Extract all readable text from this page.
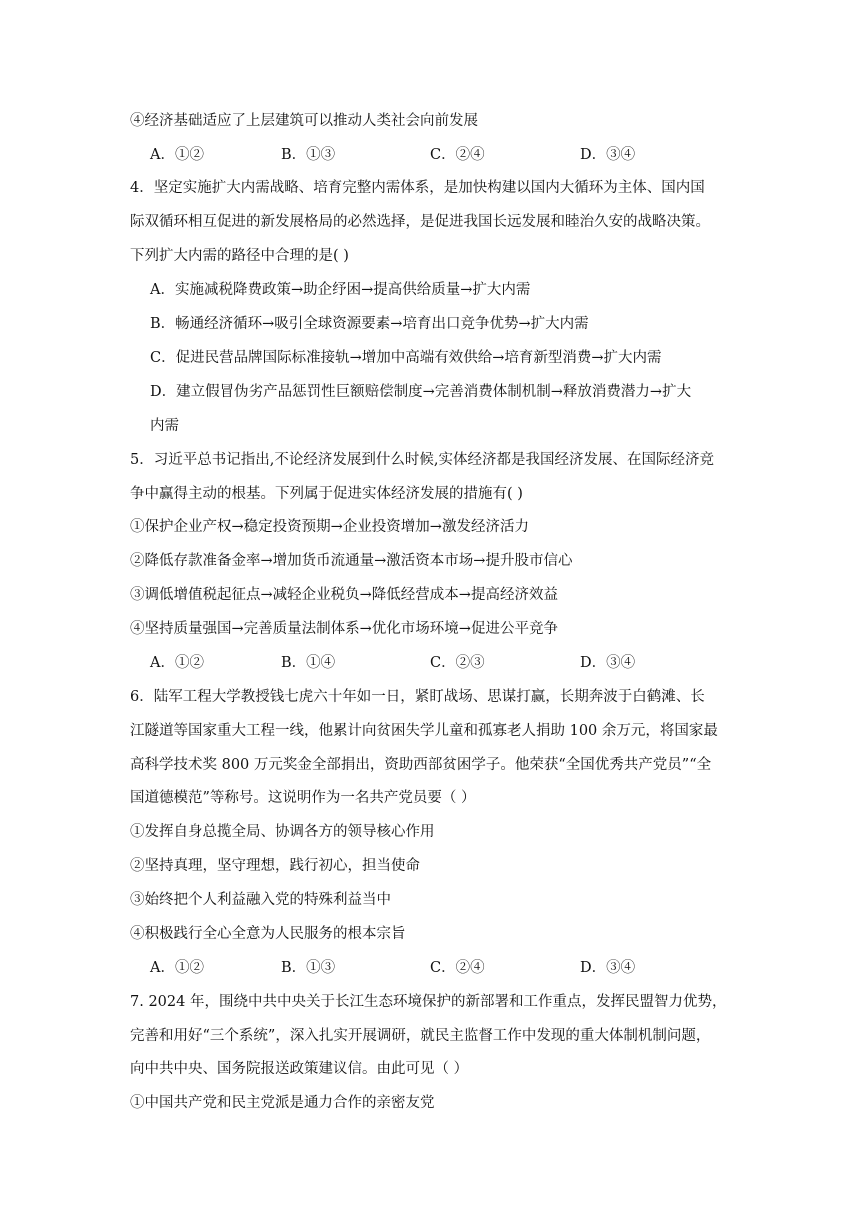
④经济基础适应了上层建筑可以推动人类社会向前发展
A．①②	B．①③	C．②④	D．③④
4．坚定实施扩大内需战略、培育完整内需体系，是加快构建以国内大循环为主体、国内国
际双循环相互促进的新发展格局的必然选择，是促进我国长远发展和睦治久安的战略决策。
下列扩大内需的路径中合理的是( )
A．实施减税降费政策→助企纾困→提高供给质量→扩大内需
B．畅通经济循环→吸引全球资源要素→培育出口竞争优势→扩大内需
C．促进民营品牌国际标准接轨→增加中高端有效供给→培育新型消费→扩大内需
D．建立假冒伪劣产品惩罚性巨额赔偿制度→完善消费体制机制→释放消费潜力→扩大
内需
5．习近平总书记指出,不论经济发展到什么时候,实体经济都是我国经济发展、在国际经济竞
争中赢得主动的根基。下列属于促进实体经济发展的措施有( )
①保护企业产权→稳定投资预期→企业投资增加→激发经济活力
②降低存款准备金率→增加货币流通量→激活资本市场→提升股市信心
③调低增值税起征点→减轻企业税负→降低经营成本→提高经济效益
④坚持质量强国→完善质量法制体系→优化市场环境→促进公平竞争
A．①②	B．①④	C．②③	D．③④
6．陆军工程大学教授钱七虎六十年如一日，紧盯战场、思谋打赢，长期奔波于白鹤滩、长
江隧道等国家重大工程一线，他累计向贫困失学儿童和孤寡老人捐助 100 余万元，将国家最
高科学技术奖 800 万元奖金全部捐出，资助西部贫困学子。他荣获“全国优秀共产党员”“全
国道德模范”等称号。这说明作为一名共产党员要（ ）
①发挥自身总揽全局、协调各方的领导核心作用
②坚持真理，坚守理想，践行初心，担当使命
③始终把个人利益融入党的特殊利益当中
④积极践行全心全意为人民服务的根本宗旨
A．①②	B．①③	C．②④	D．③④
7. 2024 年，围绕中共中央关于长江生态环境保护的新部署和工作重点，发挥民盟智力优势，
完善和用好“三个系统”，深入扎实开展调研，就民主监督工作中发现的重大体制机制问题，
向中共中央、国务院报送政策建议信。由此可见（ ）
①中国共产党和民主党派是通力合作的亲密友党
